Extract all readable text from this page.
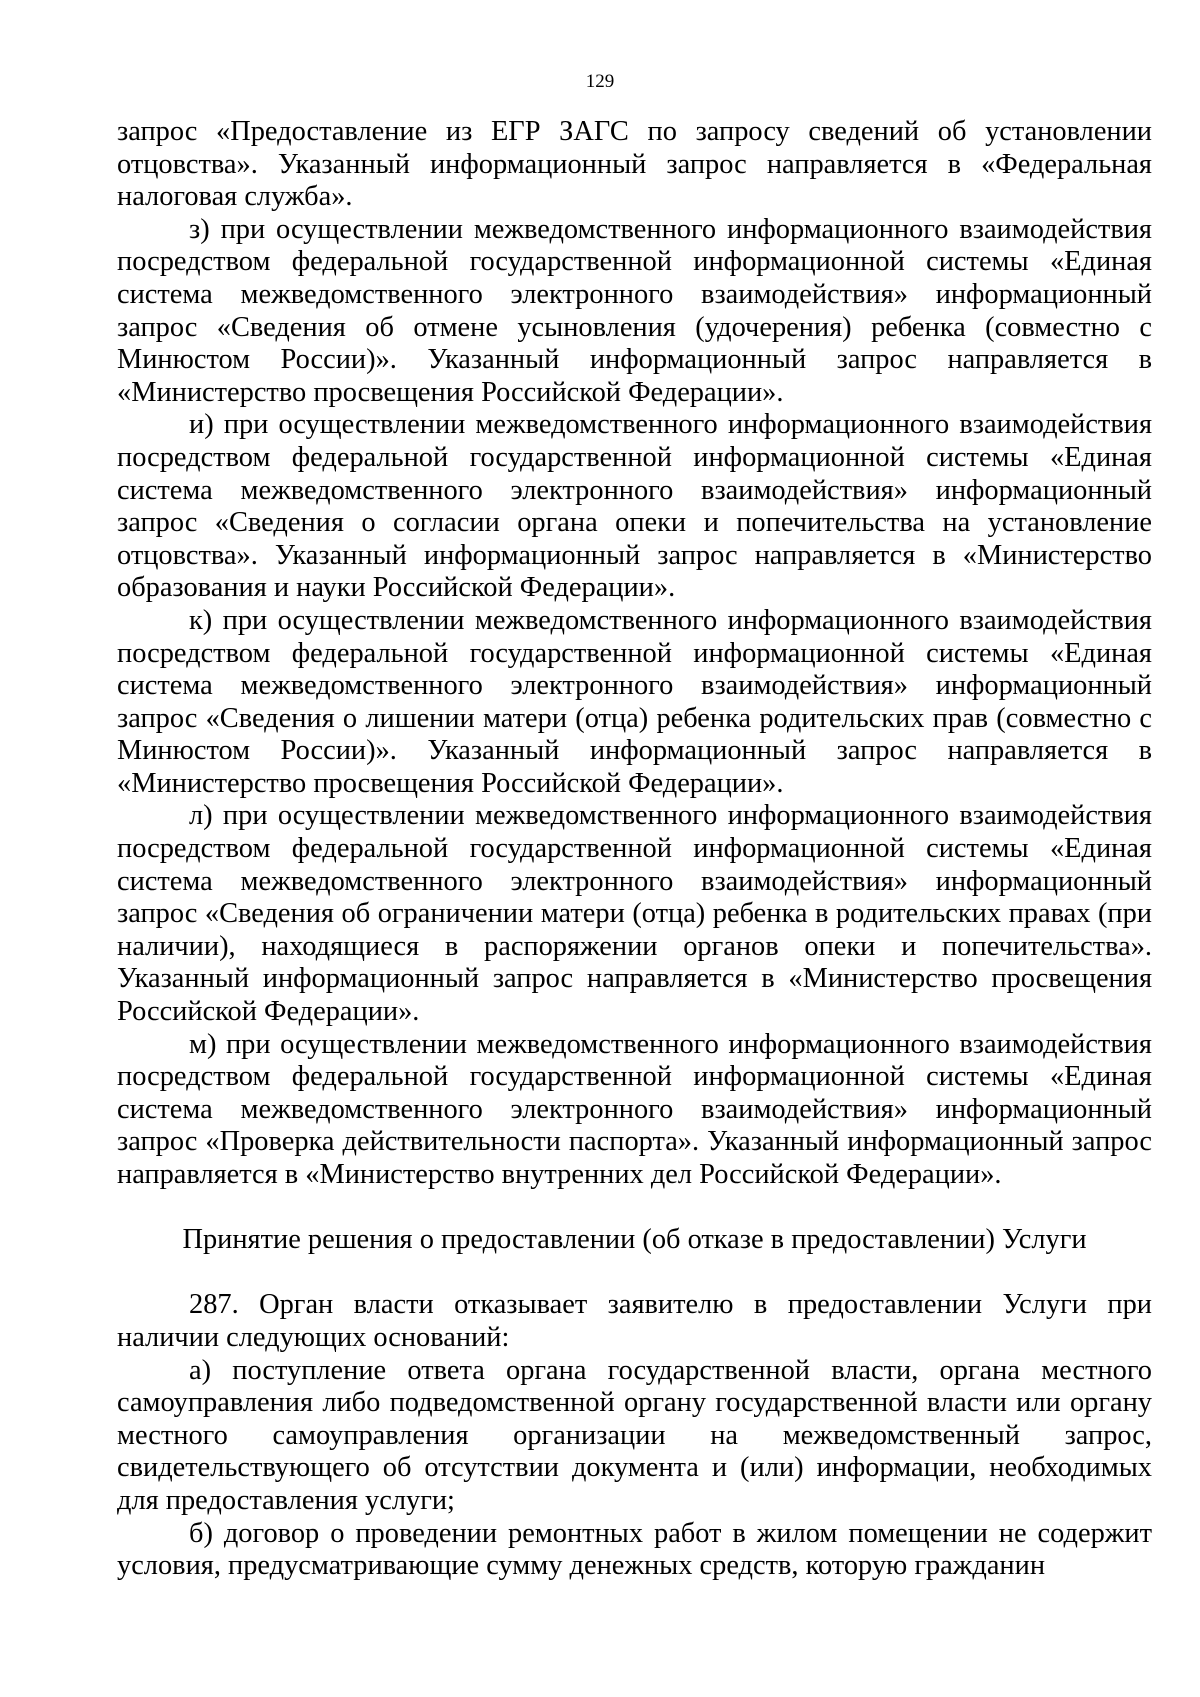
129

запрос «Предоставление из ЕГР ЗАГС по запросу сведений об установлении отцовства». Указанный информационный запрос направляется в «Федеральная налоговая служба».

з) при осуществлении межведомственного информационного взаимодействия посредством федеральной государственной информационной системы «Единая система межведомственного электронного взаимодействия» информационный запрос «Сведения об отмене усыновления (удочерения) ребенка (совместно с Минюстом России)». Указанный информационный запрос направляется в «Министерство просвещения Российской Федерации».

и) при осуществлении межведомственного информационного взаимодействия посредством федеральной государственной информационной системы «Единая система межведомственного электронного взаимодействия» информационный запрос «Сведения о согласии органа опеки и попечительства на установление отцовства». Указанный информационный запрос направляется в «Министерство образования и науки Российской Федерации».

к) при осуществлении межведомственного информационного взаимодействия посредством федеральной государственной информационной системы «Единая система межведомственного электронного взаимодействия» информационный запрос «Сведения о лишении матери (отца) ребенка родительских прав (совместно с Минюстом России)». Указанный информационный запрос направляется в «Министерство просвещения Российской Федерации».

л) при осуществлении межведомственного информационного взаимодействия посредством федеральной государственной информационной системы «Единая система межведомственного электронного взаимодействия» информационный запрос «Сведения об ограничении матери (отца) ребенка в родительских правах (при наличии), находящиеся в распоряжении органов опеки и попечительства». Указанный информационный запрос направляется в «Министерство просвещения Российской Федерации».

м) при осуществлении межведомственного информационного взаимодействия посредством федеральной государственной информационной системы «Единая система межведомственного электронного взаимодействия» информационный запрос «Проверка действительности паспорта». Указанный информационный запрос направляется в «Министерство внутренних дел Российской Федерации».

Принятие решения о предоставлении (об отказе в предоставлении) Услуги

287. Орган власти отказывает заявителю в предоставлении Услуги при наличии следующих оснований:

а) поступление ответа органа государственной власти, органа местного самоуправления либо подведомственной органу государственной власти или органу местного самоуправления организации на межведомственный запрос, свидетельствующего об отсутствии документа и (или) информации, необходимых для предоставления услуги;

б) договор о проведении ремонтных работ в жилом помещении не содержит условия, предусматривающие сумму денежных средств, которую гражданин
